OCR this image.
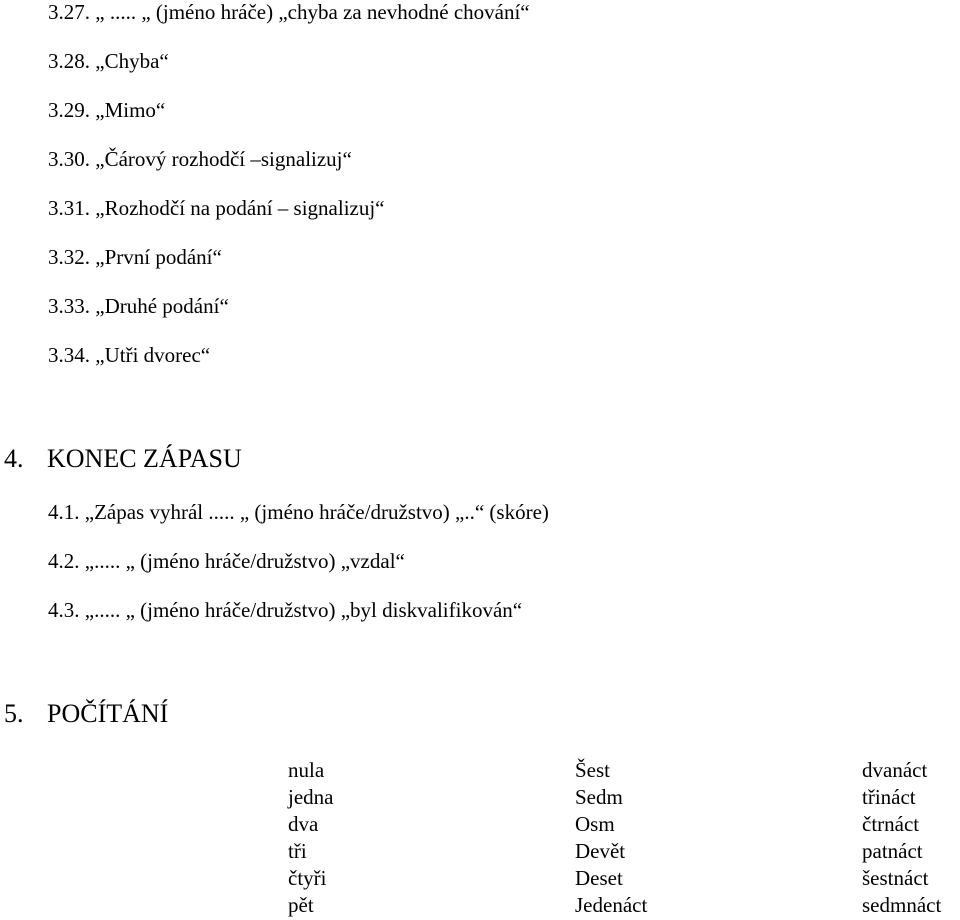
3.27. „ ..... „ (jméno hráče) „chyba za nevhodné chování“
3.28. „Chyba“
3.29. „Mimo“
3.30. „Čárový rozhodčí –signalizuj“
3.31. „Rozhodčí na podání – signalizuj“
3.32. „První podání“
3.33. „Druhé podání“
3.34. „Utři dvorec“
4. KONEC ZÁPASU
4.1. „Zápas vyhrál ..... „ (jméno hráče/družstvo) „..“ (skóre)
4.2. „..... „ (jméno hráče/družstvo) „vzdal“
4.3. „..... „ (jméno hráče/družstvo) „byl diskvalifikován“
5. POČÍTÁNÍ
nula
jedna
dva
tři
čtyři
pět
Šest
Sedm
Osm
Devět
Deset
Jedenáct
dvanáct
třináct
čtrnáct
patnáct
šestnáct
sedmnáct
